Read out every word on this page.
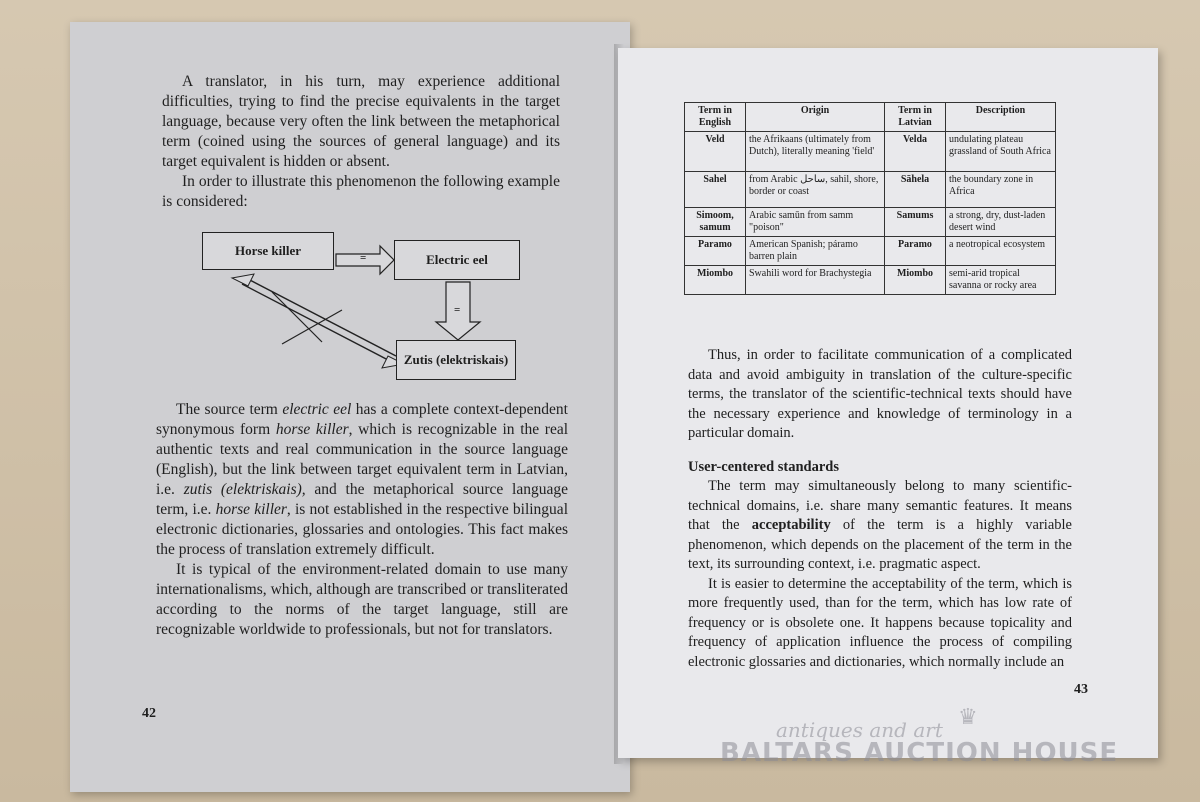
A translator, in his turn, may experience additional difficulties, trying to find the precise equivalents in the target language, because very often the link between the metaphorical term (coined using the sources of general language) and its target equivalent is hidden or absent.

In order to illustrate this phenomenon the following example is considered:

Horse killer
Electric eel
Zutis (elektriskais)
=
=

The source term electric eel has a complete context-dependent synonymous form horse killer, which is recognizable in the real authentic texts and real communication in the source language (English), but the link between target equivalent term in Latvian, i.e. zutis (elektriskais), and the metaphorical source language term, i.e. horse killer, is not established in the respective bilingual electronic dictionaries, glossaries and ontologies. This fact makes the process of translation extremely difficult.

It is typical of the environment-related domain to use many internationalisms, which, although are transcribed or transliterated according to the norms of the target language, still are recognizable worldwide to professionals, but not for translators.

42
Term in English	Origin	Term in Latvian	Description
Veld	the Afrikaans (ultimately from Dutch), literally meaning 'field'	Velda	undulating plateau grassland of South Africa
Sahel	from Arabic ساحل, sahil, shore, border or coast	Sāhela	the boundary zone in Africa
Simoom, samum	Arabic samūn from samm "poison"	Samums	a strong, dry, dust-laden desert wind
Paramo	American Spanish; páramo barren plain	Paramo	a neotropical ecosystem
Miombo	Swahili word for Brachystegia	Miombo	semi-arid tropical savanna or rocky area

Thus, in order to facilitate communication of a complicated data and avoid ambiguity in translation of the culture-specific terms, the translator of the scientific-technical texts should have the necessary experience and knowledge of terminology in a particular domain.

User-centered standards

The term may simultaneously belong to many scientific-technical domains, i.e. share many semantic features. It means that the acceptability of the term is a highly variable phenomenon, which depends on the placement of the term in the text, its surrounding context, i.e. pragmatic aspect.

It is easier to determine the acceptability of the term, which is more frequently used, than for the term, which has low rate of frequency or is obsolete one. It happens because topicality and frequency of application influence the process of compiling electronic glossaries and dictionaries, which normally include an

43
♛
antiques and art
BALTARS AUCTION HOUSE
